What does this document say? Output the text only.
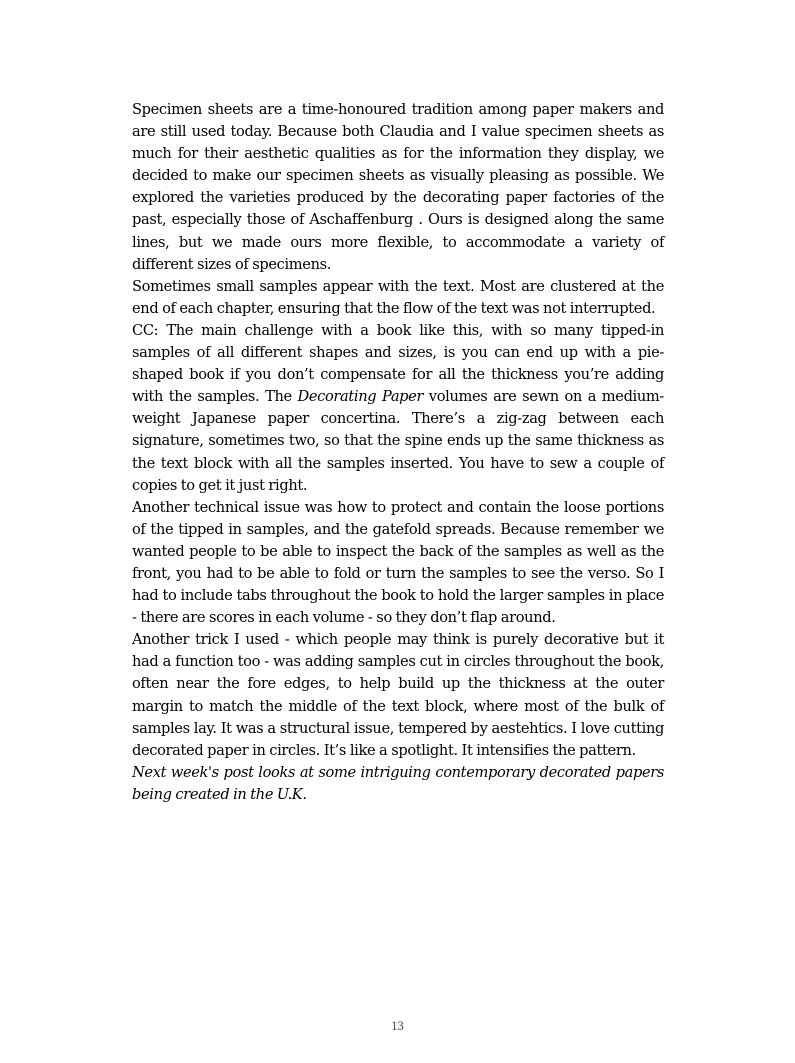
Specimen sheets are a time-honoured tradition among paper makers and are still used today. Because both Claudia and I value specimen sheets as much for their aesthetic qualities as for the information they display, we decided to make our specimen sheets as visually pleasing as possible. We explored the varieties produced by the decorating paper factories of the past, especially those of Aschaffenburg . Ours is designed along the same lines, but we made ours more flexible, to accommodate a variety of different sizes of specimens.

Sometimes small samples appear with the text. Most are clustered at the end of each chapter, ensuring that the flow of the text was not interrupted.

CC: The main challenge with a book like this, with so many tipped-in samples of all different shapes and sizes, is you can end up with a pie-shaped book if you don’t compensate for all the thickness you’re adding with the samples. The Decorating Paper volumes are sewn on a medium-weight Japanese paper concertina. There’s a zig-zag between each signature, sometimes two, so that the spine ends up the same thickness as the text block with all the samples inserted. You have to sew a couple of copies to get it just right.

Another technical issue was how to protect and contain the loose portions of the tipped in samples, and the gatefold spreads. Because remember we wanted people to be able to inspect the back of the samples as well as the front, you had to be able to fold or turn the samples to see the verso. So I had to include tabs throughout the book to hold the larger samples in place - there are scores in each volume - so they don’t flap around.

Another trick I used - which people may think is purely decorative but it had a function too - was adding samples cut in circles throughout the book, often near the fore edges, to help build up the thickness at the outer margin to match the middle of the text block, where most of the bulk of samples lay. It was a structural issue, tempered by aestehtics. I love cutting decorated paper in circles. It’s like a spotlight. It intensifies the pattern.

Next week's post looks at some intriguing contemporary decorated papers being created in the U.K.

13
